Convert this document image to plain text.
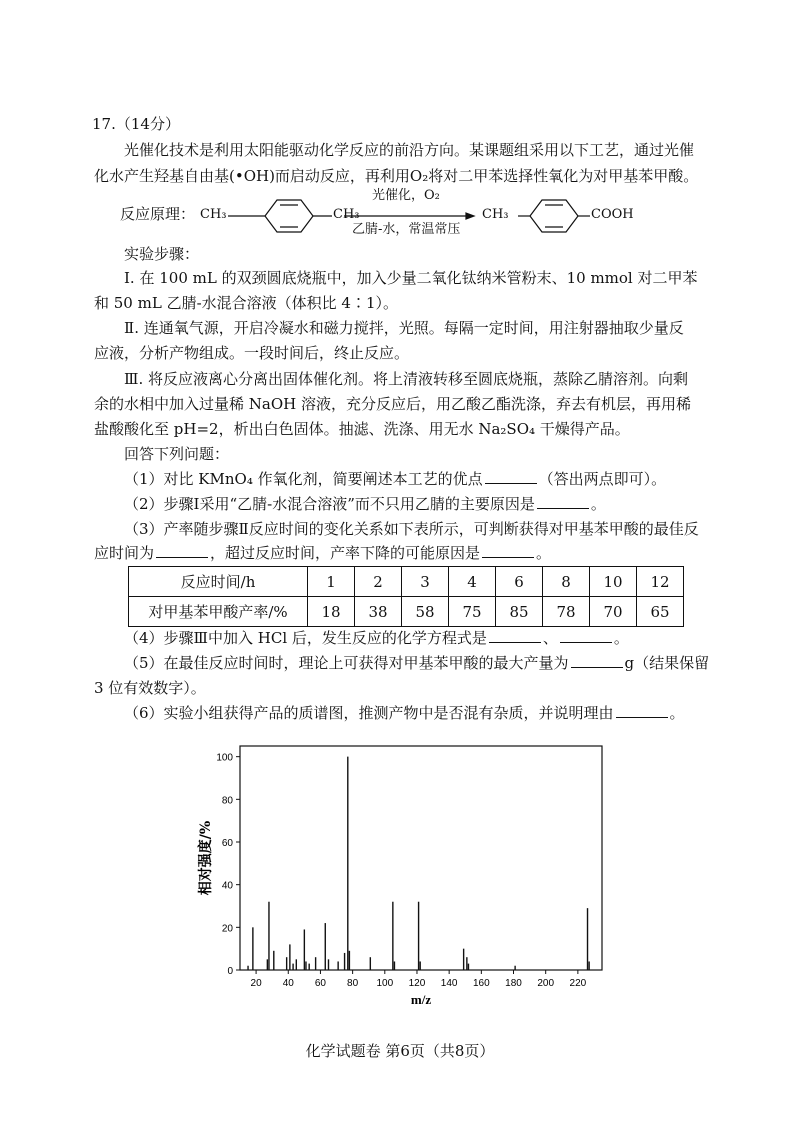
17.（14分）
光催化技术是利用太阳能驱动化学反应的前沿方向。某课题组采用以下工艺，通过光催
化水产生羟基自由基(•OH)而启动反应，再利用O₂将对二甲苯选择性氧化为对甲基苯甲酸。
反应原理： CH₃	CH₃
光催化，O₂
乙腈-水，常温常压
CH₃	COOH
实验步骤：
Ⅰ. 在 100 mL 的双颈圆底烧瓶中，加入少量二氧化钛纳米管粉末、10 mmol 对二甲苯
和 50 mL 乙腈-水混合溶液（体积比 4∶1）。
Ⅱ. 连通氧气源，开启冷凝水和磁力搅拌，光照。每隔一定时间，用注射器抽取少量反
应液，分析产物组成。一段时间后，终止反应。
Ⅲ. 将反应液离心分离出固体催化剂。将上清液转移至圆底烧瓶，蒸除乙腈溶剂。向剩
余的水相中加入过量稀 NaOH 溶液，充分反应后，用乙酸乙酯洗涤，弃去有机层，再用稀
盐酸酸化至 pH=2，析出白色固体。抽滤、洗涤、用无水 Na₂SO₄ 干燥得产品。
回答下列问题：
（1）对比 KMnO₄ 作氧化剂，简要阐述本工艺的优点	（答出两点即可）。
（2）步骤Ⅰ采用“乙腈-水混合溶液”而不只用乙腈的主要原因是	。
（3）产率随步骤Ⅱ反应时间的变化关系如下表所示，可判断获得对甲基苯甲酸的最佳反
应时间为	，超过反应时间，产率下降的可能原因是	。
反应时间/h	1	2	3	4	6	8	10	12
对甲基苯甲酸产率/%	18	38	58	75	85	78	70	65
（4）步骤Ⅲ中加入 HCl 后，发生反应的化学方程式是	、	。
（5）在最佳反应时间时，理论上可获得对甲基苯甲酸的最大产量为	g（结果保留
3 位有效数字）。
（6）实验小组获得产品的质谱图，推测产物中是否混有杂质，并说明理由	。
0
20
40
60
80
100
20 40 60 80 100 120 140 160 180 200 220
m/z
相对强度/%
化学试题卷 第6页（共8页）
